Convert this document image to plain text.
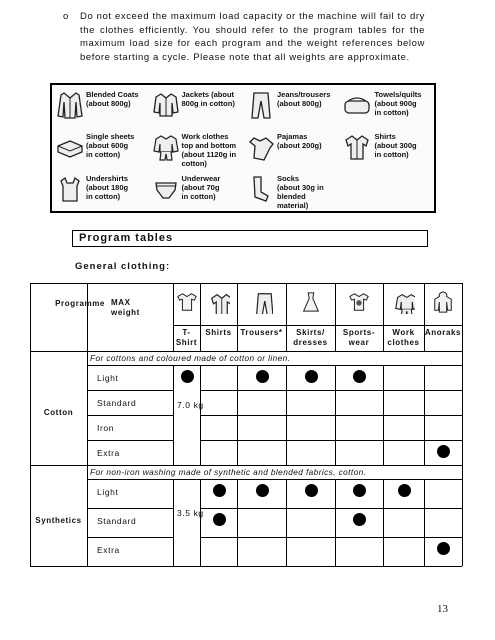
o Do not exceed the maximum load capacity or the machine will fail to dry the clothes efficiently. You should refer to the program tables for the maximum load size for each program and the weight references below before starting a cycle. Please note that all weights are approximate.
Blended Coats
(about 800g)
Jackets (about
800g in cotton)
Jeans/trousers
(about 800g)
Towels/quilts
(about 900g
in cotton)
Single sheets
(about 600g
in cotton)
Work clothes
top and bottom
(about 1120g in
cotton)
Pajamas
(about 200g)
Shirts
(about 300g
in cotton)
Undershirts
(about 180g
in cotton)
Underwear
(about 70g
in cotton)
Socks
(about 30g in
blended material)
Program tables
General clothing:
Programme MAX
weight
T-
Shirt
Shirts	Trousers*	Skirts/
dresses
Sports-
wear
Work
clothes
Anoraks
For cottons and coloured made of cotton or linen.
Cotton
Light
Standard
Iron
Extra
7.0 kg
For non-iron washing made of synthetic and blended fabrics, cotton.
Synthetics
Light
Standard
Extra
3.5 kg
13
